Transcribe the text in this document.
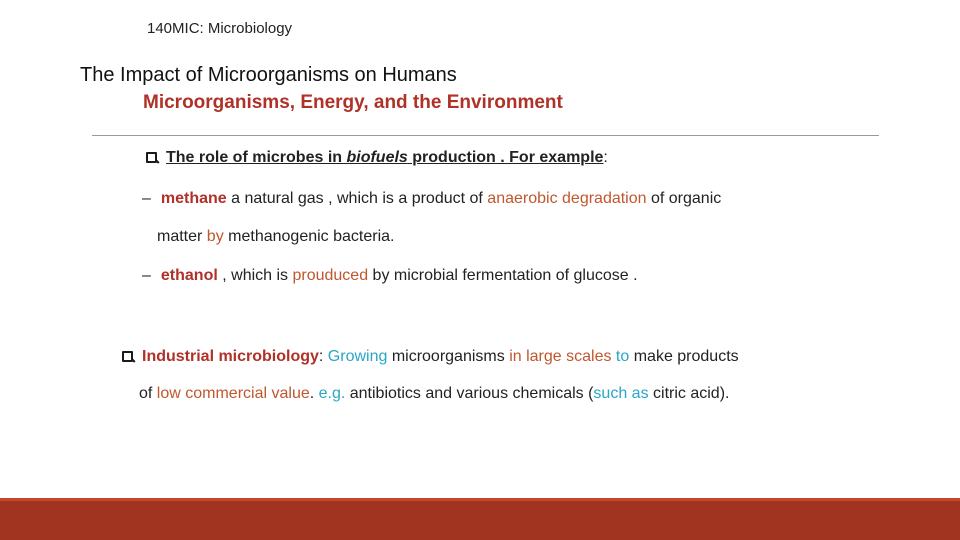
140MIC: Microbiology
The Impact of Microorganisms on Humans
Microorganisms, Energy, and the Environment
The role of microbes in biofuels production . For example:
– methane a natural gas , which is a product of anaerobic degradation of organic
matter by methanogenic bacteria.
– ethanol , which is prouduced by microbial fermentation of glucose .
Industrial microbiology: Growing microorganisms in large scales to make products
of low commercial value. e.g. antibiotics and various chemicals (such as citric acid).
